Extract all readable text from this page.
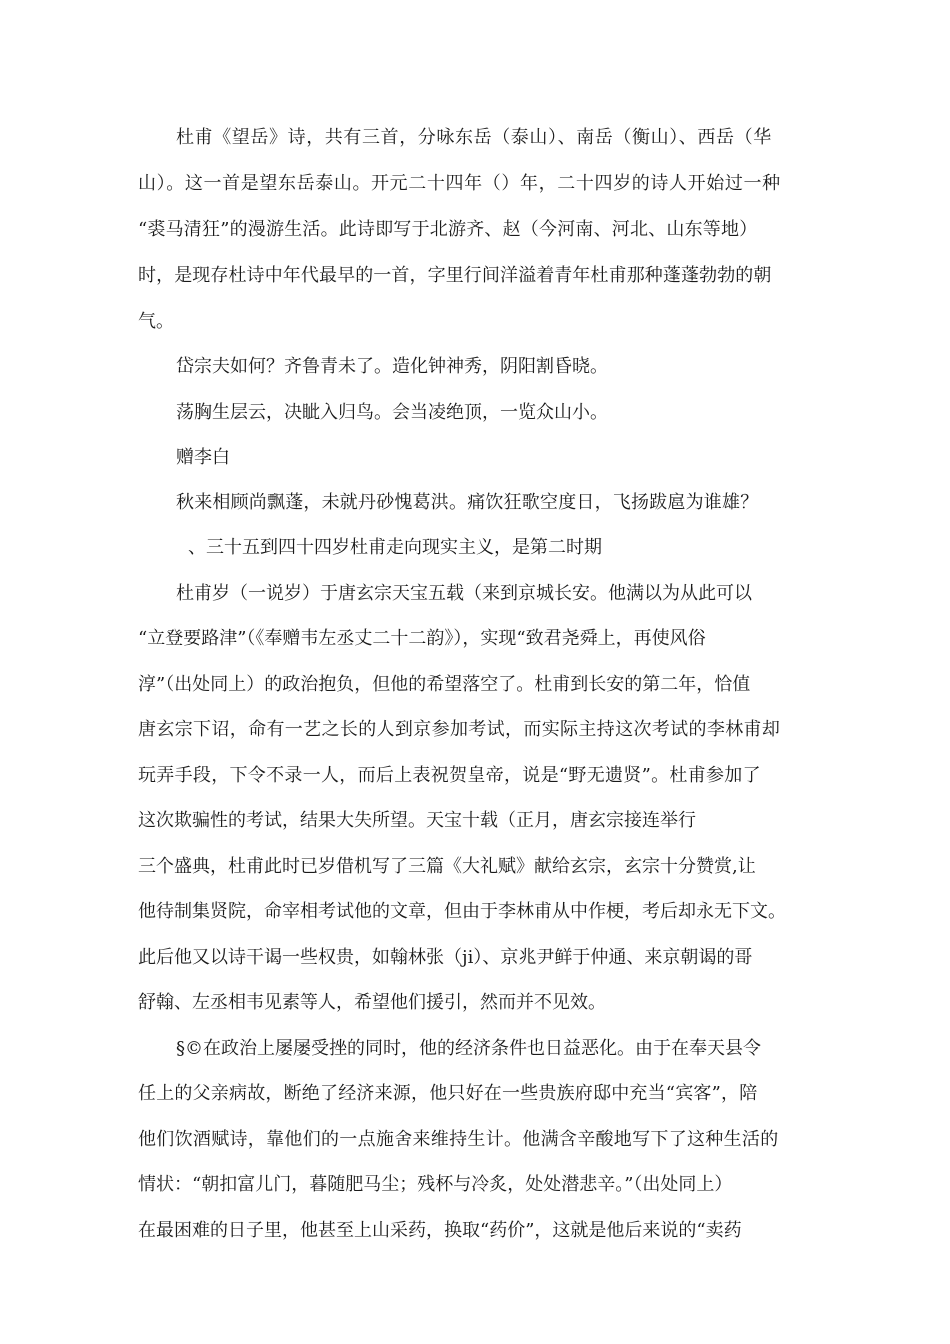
杜甫《望岳》诗，共有三首，分咏东岳（泰山）、南岳（衡山）、西岳（华
山）。这一首是望东岳泰山。开元二十四年（）年，二十四岁的诗人开始过一种
“裘马清狂”的漫游生活。此诗即写于北游齐、赵（今河南、河北、山东等地）
时，是现存杜诗中年代最早的一首，字里行间洋溢着青年杜甫那种蓬蓬勃勃的朝
气。
岱宗夫如何？齐鲁青未了。造化钟神秀，阴阳割昏晓。
荡胸生层云，决眦入归鸟。会当凌绝顶，一览众山小。
赠李白
秋来相顾尚飘蓬，未就丹砂愧葛洪。痛饮狂歌空度日，飞扬跋扈为谁雄？
、三十五到四十四岁杜甫走向现实主义，是第二时期
杜甫岁（一说岁）于唐玄宗天宝五载（来到京城长安。他满以为从此可以
“立登要路津”（《奉赠韦左丞丈二十二韵》），实现“致君尧舜上，再使风俗
淳”（出处同上）的政治抱负，但他的希望落空了。杜甫到长安的第二年，恰值
唐玄宗下诏，命有一艺之长的人到京参加考试，而实际主持这次考试的李林甫却
玩弄手段，下令不录一人，而后上表祝贺皇帝，说是“野无遗贤”。杜甫参加了
这次欺骗性的考试，结果大失所望。天宝十载（正月，唐玄宗接连举行
三个盛典，杜甫此时已岁借机写了三篇《大礼赋》献给玄宗，玄宗十分赞赏,让
他待制集贤院，命宰相考试他的文章，但由于李林甫从中作梗，考后却永无下文。
此后他又以诗干谒一些权贵，如翰林张（ji）、京兆尹鲜于仲通、来京朝谒的哥
舒翰、左丞相韦见素等人，希望他们援引，然而并不见效。
§©在政治上屡屡受挫的同时，他的经济条件也日益恶化。由于在奉天县令
任上的父亲病故，断绝了经济来源，他只好在一些贵族府邸中充当“宾客”，陪
他们饮酒赋诗，靠他们的一点施舍来维持生计。他满含辛酸地写下了这种生活的
情状：“朝扣富儿门，暮随肥马尘；残杯与冷炙，处处潜悲辛。”（出处同上）
在最困难的日子里，他甚至上山采药，换取“药价”，这就是他后来说的“卖药
